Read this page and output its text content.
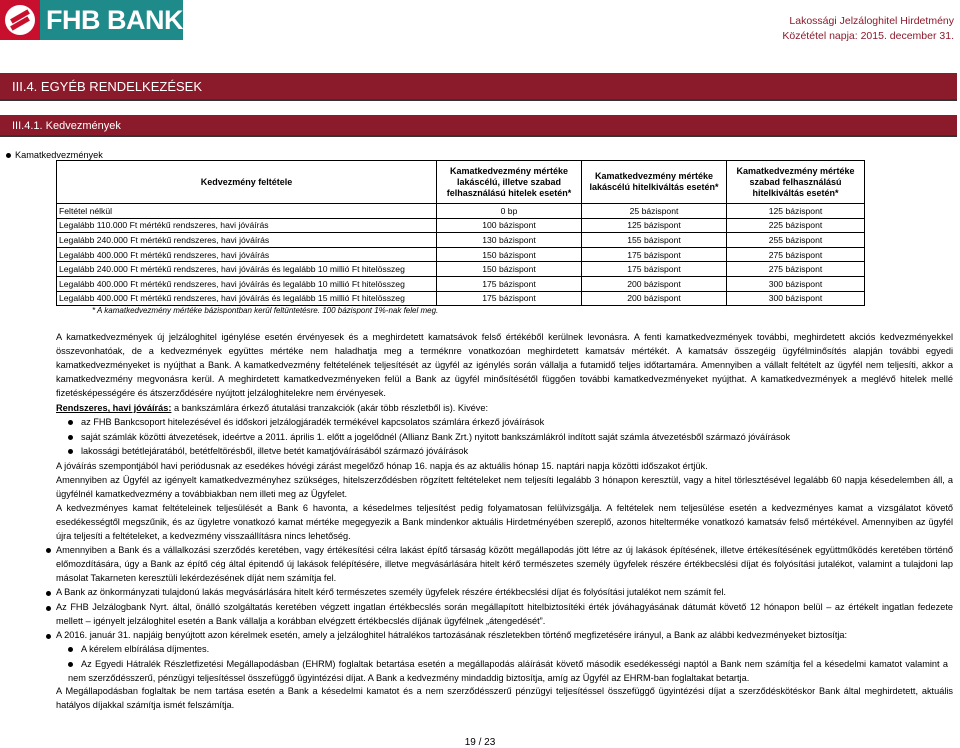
FHB BANK	Lakossági Jelzáloghitel Hirdetmény
Közététel napja: 2015. december 31.
III.4. EGYÉB RENDELKEZÉSEK
III.4.1. Kedvezmények
Kamatkedvezmények
Kedvezmény feltétele	Kamatkedvezmény mértéke lakáscélú, illetve szabad felhasználású hitelek esetén*	Kamatkedvezmény mértéke lakáscélú hitelkiváltás esetén*	Kamatkedvezmény mértéke szabad felhasználású hitelkiváltás esetén*
Feltétel nélkül	0 bp	25 bázispont	125 bázispont
Legalább 110.000 Ft mértékű rendszeres, havi jóváírás	100 bázispont	125 bázispont	225 bázispont
Legalább 240.000 Ft mértékű rendszeres, havi jóváírás	130 bázispont	155 bázispont	255 bázispont
Legalább 400.000 Ft mértékű rendszeres, havi jóváírás	150 bázispont	175 bázispont	275 bázispont
Legalább 240.000 Ft mértékű rendszeres, havi jóváírás és legalább 10 millió Ft hitelösszeg	150 bázispont	175 bázispont	275 bázispont
Legalább 400.000 Ft mértékű rendszeres, havi jóváírás és legalább 10 millió Ft hitelösszeg	175 bázispont	200 bázispont	300 bázispont
Legalább 400.000 Ft mértékű rendszeres, havi jóváírás és legalább 15 millió Ft hitelösszeg	175 bázispont	200 bázispont	300 bázispont
* A kamatkedvezmény mértéke bázispontban kerül feltüntetésre. 100 bázispont 1%-nak felel meg.
A kamatkedvezmények új jelzáloghitel igénylése esetén érvényesek és a meghirdetett kamatsávok felső értékéből kerülnek levonásra. A fenti kamatkedvezmények további, meghirdetett akciós kedvezményekkel összevonhatóak, de a kedvezmények együttes mértéke nem haladhatja meg a terméknre vonatkozóan meghirdetett kamatsáv mértékét. A kamatsáv összegéig ügyfélminősítés alapján további egyedi kamatkedvezményeket is nyújthat a Bank. A kamatkedvezmény feltételének teljesítését az ügyfél az igénylés során vállalja a futamidő teljes időtartamára. Amennyiben a vállalt feltételt az ügyfél nem teljesíti, akkor a kamatkedvezmény megvonásra kerül. A meghirdetett kamatkedvezményeken felül a Bank az ügyfél minősítésétől függően további kamatkedvezményeket nyújthat. A kamatkedvezmények a meglévő hitelek mellé fizetésképességére és átszerződésére nyújtott jelzáloghitelekre nem érvényesek.
Rendszeres, havi jóváírás: a bankszámlára érkező átutalási tranzakciók (akár több részletből is). Kivéve:
az FHB Bankcsoport hitelezésével és időskori jelzálogjáradék termékével kapcsolatos számlára érkező jóváírások
saját számlák közötti átvezetések, ideértve a 2011. április 1. előtt a jogelődnél (Allianz Bank Zrt.) nyitott bankszámlákról indított saját számla átvezetésből származó jóváírások
lakossági betétlejáratából, betétfeltörésből, illetve betét kamatjóváírásából származó jóváírások
A jóváírás szempontjából havi periódusnak az esedékes hóvégi zárást megelőző hónap 16. napja és az aktuális hónap 15. naptári napja közötti időszakot értjük.
Amennyiben az Ügyfél az igényelt kamatkedvezményhez szükséges, hitelszerződésben rögzített feltételeket nem teljesíti legalább 3 hónapon keresztül, vagy a hitel törlesztésével legalább 60 napja késedelemben áll, a ügyfélnél kamatkedvezmény a továbbiakban nem illeti meg az Ügyfelet.
A kedvezményes kamat feltételeinek teljesülését a Bank 6 havonta, a késedelmes teljesítést pedig folyamatosan felülvizsgálja. A feltételek nem teljesülése esetén a kedvezményes kamat a vizsgálatot követő esedékességtől megszűnik, és az ügyletre vonatkozó kamat mértéke megegyezik a Bank mindenkor aktuális Hirdetményében szereplő, azonos hitelterméke vonatkozó kamatsáv felső mértékével. Amennyiben az ügyfél újra teljesíti a feltételeket, a kedvezmény visszaállításra nincs lehetőség.
Amennyiben a Bank és a vállalkozási szerződés keretében, vagy értékesítési célra lakást építő társaság között megállapodás jött létre az új lakások építésének, illetve értékesítésének együttműködés keretében történő előmozdítására, úgy a Bank az építő cég által épitendő új lakások felépítésére, illetve megvásárlására hitelt kérő természetes személy ügyfelek részére értékbecslési díjat és folyósítási jutalékot, valamint a tulajdoni lap másolat Takarneten keresztüli lekérdezésének díját nem számítja fel.
A Bank az önkormányzati tulajdonú lakás megvásárlására hitelt kérő természetes személy ügyfelek részére értékbecslési díjat és folyósítási jutalékot nem számít fel.
Az FHB Jelzálogbank Nyrt. által, önálló szolgáltatás keretében végzett ingatlan értékbecslés során megállapított hitelbiztosítéki érték jóváhagyásának dátumát követő 12 hónapon belül – az értékelt ingatlan fedezete mellett – igényelt jelzáloghitel esetén a Bank vállalja a korábban elvégzett értékbecslés díjának ügyfélnek „átengedését”.
A 2016. január 31. napjáig benyújtott azon kérelmek esetén, amely a jelzáloghitel hátralékos tartozásának részletekben történő megfizetésére irányul, a Bank az alábbi kedvezményeket biztosítja:
A kérelem elbírálása díjmentes.
Az Egyedi Hátralék Részletfizetési Megállapodásban (EHRM) foglaltak betartása esetén a megállapodás aláírását követő második esedékességi naptól a Bank nem számítja fel a késedelmi kamatot valamint a nem szerződésszerű, pénzügyi teljesítéssel összefüggő ügyintézési díjat. A Bank a kedvezmény mindaddig biztosítja, amíg az Ügyfél az EHRM-ban foglaltakat betartja.
A Megállapodásban foglaltak be nem tartása esetén a Bank a késedelmi kamatot és a nem szerződésszerű pénzügyi teljesítéssel összefüggő ügyintézési díjat a szerződéskötéskor Bank által meghirdetett, aktuális hatályos díjakkal számítja ismét felszámítja.
19 / 23
